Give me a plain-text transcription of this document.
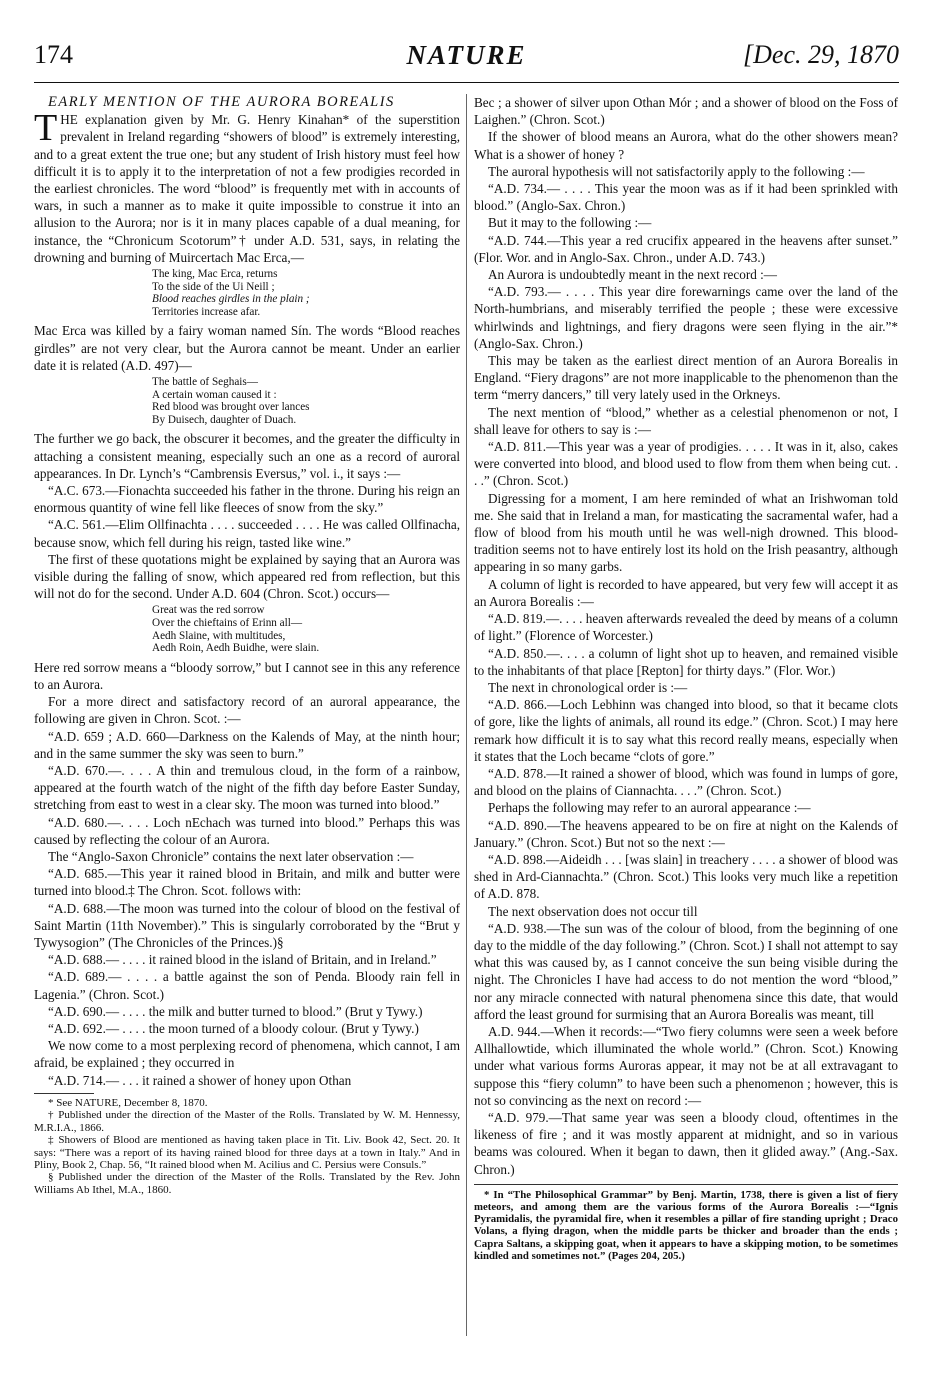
174	NATURE	[Dec. 29, 1870

EARLY MENTION OF THE AURORA BOREALIS

THE explanation given by Mr. G. Henry Kinahan* of the superstition prevalent in Ireland regarding “showers of blood” is extremely interesting, and to a great extent the true one; but any student of Irish history must feel how difficult it is to apply it to the interpretation of not a few prodigies recorded in the earliest chronicles. The word “blood” is frequently met with in accounts of wars, in such a manner as to make it quite impossible to construe it into an allusion to the Aurora; nor is it in many places capable of a dual meaning, for instance, the “Chronicum Scotorum”† under A.D. 531, says, in relating the drowning and burning of Muircertach Mac Erca,—

The king, Mac Erca, returns
To the side of the Ui Neill ;
Blood reaches girdles in the plain ;
Territories increase afar.

Mac Erca was killed by a fairy woman named Sín. The words “Blood reaches girdles” are not very clear, but the Aurora cannot be meant. Under an earlier date it is related (A.D. 497)—

The battle of Seghais—
A certain woman caused it :
Red blood was brought over lances
By Duisech, daughter of Duach.

The further we go back, the obscurer it becomes, and the greater the difficulty in attaching a consistent meaning, especially such an one as a record of auroral appearances. In Dr. Lynch’s “Cambrensis Eversus,” vol. i., it says :—

“A.C. 673.—Fionachta succeeded his father in the throne. During his reign an enormous quantity of wine fell like fleeces of snow from the sky.”

“A.C. 561.—Elim Ollfinachta . . . . succeeded . . . . He was called Ollfinacha, because snow, which fell during his reign, tasted like wine.”

The first of these quotations might be explained by saying that an Aurora was visible during the falling of snow, which appeared red from reflection, but this will not do for the second. Under A.D. 604 (Chron. Scot.) occurs—

Great was the red sorrow
Over the chieftains of Erinn all—
Aedh Slaine, with multitudes,
Aedh Roin, Aedh Buidhe, were slain.

Here red sorrow means a “bloody sorrow,” but I cannot see in this any reference to an Aurora.

For a more direct and satisfactory record of an auroral appearance, the following are given in Chron. Scot. :—

“A.D. 659 ; A.D. 660—Darkness on the Kalends of May, at the ninth hour; and in the same summer the sky was seen to burn.”

“A.D. 670.—. . . . A thin and tremulous cloud, in the form of a rainbow, appeared at the fourth watch of the night of the fifth day before Easter Sunday, stretching from east to west in a clear sky. The moon was turned into blood.”

“A.D. 680.—. . . . Loch nEchach was turned into blood.” Perhaps this was caused by reflecting the colour of an Aurora.

The “Anglo-Saxon Chronicle” contains the next later observation :—

“A.D. 685.—This year it rained blood in Britain, and milk and butter were turned into blood.‡ The Chron. Scot. follows with:

“A.D. 688.—The moon was turned into the colour of blood on the festival of Saint Martin (11th November).” This is singularly corroborated by the “Brut y Tywysogion” (The Chronicles of the Princes.)§

“A.D. 688.— . . . . it rained blood in the island of Britain, and in Ireland.”

“A.D. 689.— . . . . a battle against the son of Penda. Bloody rain fell in Lagenia.” (Chron. Scot.)

“A.D. 690.— . . . . the milk and butter turned to blood.” (Brut y Tywy.)

“A.D. 692.— . . . . the moon turned of a bloody colour. (Brut y Tywy.)

We now come to a most perplexing record of phenomena, which cannot, I am afraid, be explained ; they occurred in

“A.D. 714.— . . . it rained a shower of honey upon Othan

* See NATURE, December 8, 1870.

† Published under the direction of the Master of the Rolls. Translated by W. M. Hennessy, M.R.I.A., 1866.

‡ Showers of Blood are mentioned as having taken place in Tit. Liv. Book 42, Sect. 20. It says: “There was a report of its having rained blood for three days at a town in Italy.” And in Pliny, Book 2, Chap. 56, “It rained blood when M. Acilius and C. Persius were Consuls.”

§ Published under the direction of the Master of the Rolls. Translated by the Rev. John Williams Ab Ithel, M.A., 1860.

Bec ; a shower of silver upon Othan Mór ; and a shower of blood on the Foss of Laighen.” (Chron. Scot.)

If the shower of blood means an Aurora, what do the other showers mean? What is a shower of honey ?

The auroral hypothesis will not satisfactorily apply to the following :—

“A.D. 734.— . . . . This year the moon was as if it had been sprinkled with blood.” (Anglo-Sax. Chron.)

But it may to the following :—

“A.D. 744.—This year a red crucifix appeared in the heavens after sunset.” (Flor. Wor. and in Anglo-Sax. Chron., under A.D. 743.)

An Aurora is undoubtedly meant in the next record :—

“A.D. 793.— . . . . This year dire forewarnings came over the land of the North-humbrians, and miserably terrified the people ; these were excessive whirlwinds and lightnings, and fiery dragons were seen flying in the air.”* (Anglo-Sax. Chron.)

This may be taken as the earliest direct mention of an Aurora Borealis in England. “Fiery dragons” are not more inapplicable to the phenomenon than the term “merry dancers,” till very lately used in the Orkneys.

The next mention of “blood,” whether as a celestial phenomenon or not, I shall leave for others to say is :—

“A.D. 811.—This year was a year of prodigies. . . . . It was in it, also, cakes were converted into blood, and blood used to flow from them when being cut. . . .” (Chron. Scot.)

Digressing for a moment, I am here reminded of what an Irishwoman told me. She said that in Ireland a man, for masticating the sacramental wafer, had a flow of blood from his mouth until he was well-nigh drowned. This blood-tradition seems not to have entirely lost its hold on the Irish peasantry, although appearing in so many garbs.

A column of light is recorded to have appeared, but very few will accept it as an Aurora Borealis :—

“A.D. 819.—. . . . heaven afterwards revealed the deed by means of a column of light.” (Florence of Worcester.)

“A.D. 850.—. . . . a column of light shot up to heaven, and remained visible to the inhabitants of that place [Repton] for thirty days.” (Flor. Wor.)

The next in chronological order is :—

“A.D. 866.—Loch Lebhinn was changed into blood, so that it became clots of gore, like the lights of animals, all round its edge.” (Chron. Scot.) I may here remark how difficult it is to say what this record really means, especially when it states that the Loch became “clots of gore.”

“A.D. 878.—It rained a shower of blood, which was found in lumps of gore, and blood on the plains of Ciannachta. . . .” (Chron. Scot.)

Perhaps the following may refer to an auroral appearance :—

“A.D. 890.—The heavens appeared to be on fire at night on the Kalends of January.” (Chron. Scot.) But not so the next :—

“A.D. 898.—Aideidh . . . [was slain] in treachery . . . . a shower of blood was shed in Ard-Ciannachta.” (Chron. Scot.) This looks very much like a repetition of A.D. 878.

The next observation does not occur till

“A.D. 938.—The sun was of the colour of blood, from the beginning of one day to the middle of the day following.” (Chron. Scot.) I shall not attempt to say what this was caused by, as I cannot conceive the sun being visible during the night. The Chronicles I have had access to do not mention the word “blood,” nor any miracle connected with natural phenomena since this date, that would afford the least ground for surmising that an Aurora Borealis was meant, till

A.D. 944.—When it records:—“Two fiery columns were seen a week before Allhallowtide, which illuminated the whole world.” (Chron. Scot.) Knowing under what various forms Auroras appear, it may not be at all extravagant to suppose this “fiery column” to have been such a phenomenon ; however, this is not so convincing as the next on record :—

“A.D. 979.—That same year was seen a bloody cloud, oftentimes in the likeness of fire ; and it was mostly apparent at midnight, and so in various beams was coloured. When it began to dawn, then it glided away.” (Ang.-Sax. Chron.)

* In “The Philosophical Grammar” by Benj. Martin, 1738, there is given a list of fiery meteors, and among them are the various forms of the Aurora Borealis :—“Ignis Pyramidalis, the pyramidal fire, when it resembles a pillar of fire standing upright ; Draco Volans, a flying dragon, when the middle parts be thicker and broader than the ends ; Capra Saltans, a skipping goat, when it appears to have a skipping motion, to be sometimes kindled and sometimes not.” (Pages 204, 205.)
